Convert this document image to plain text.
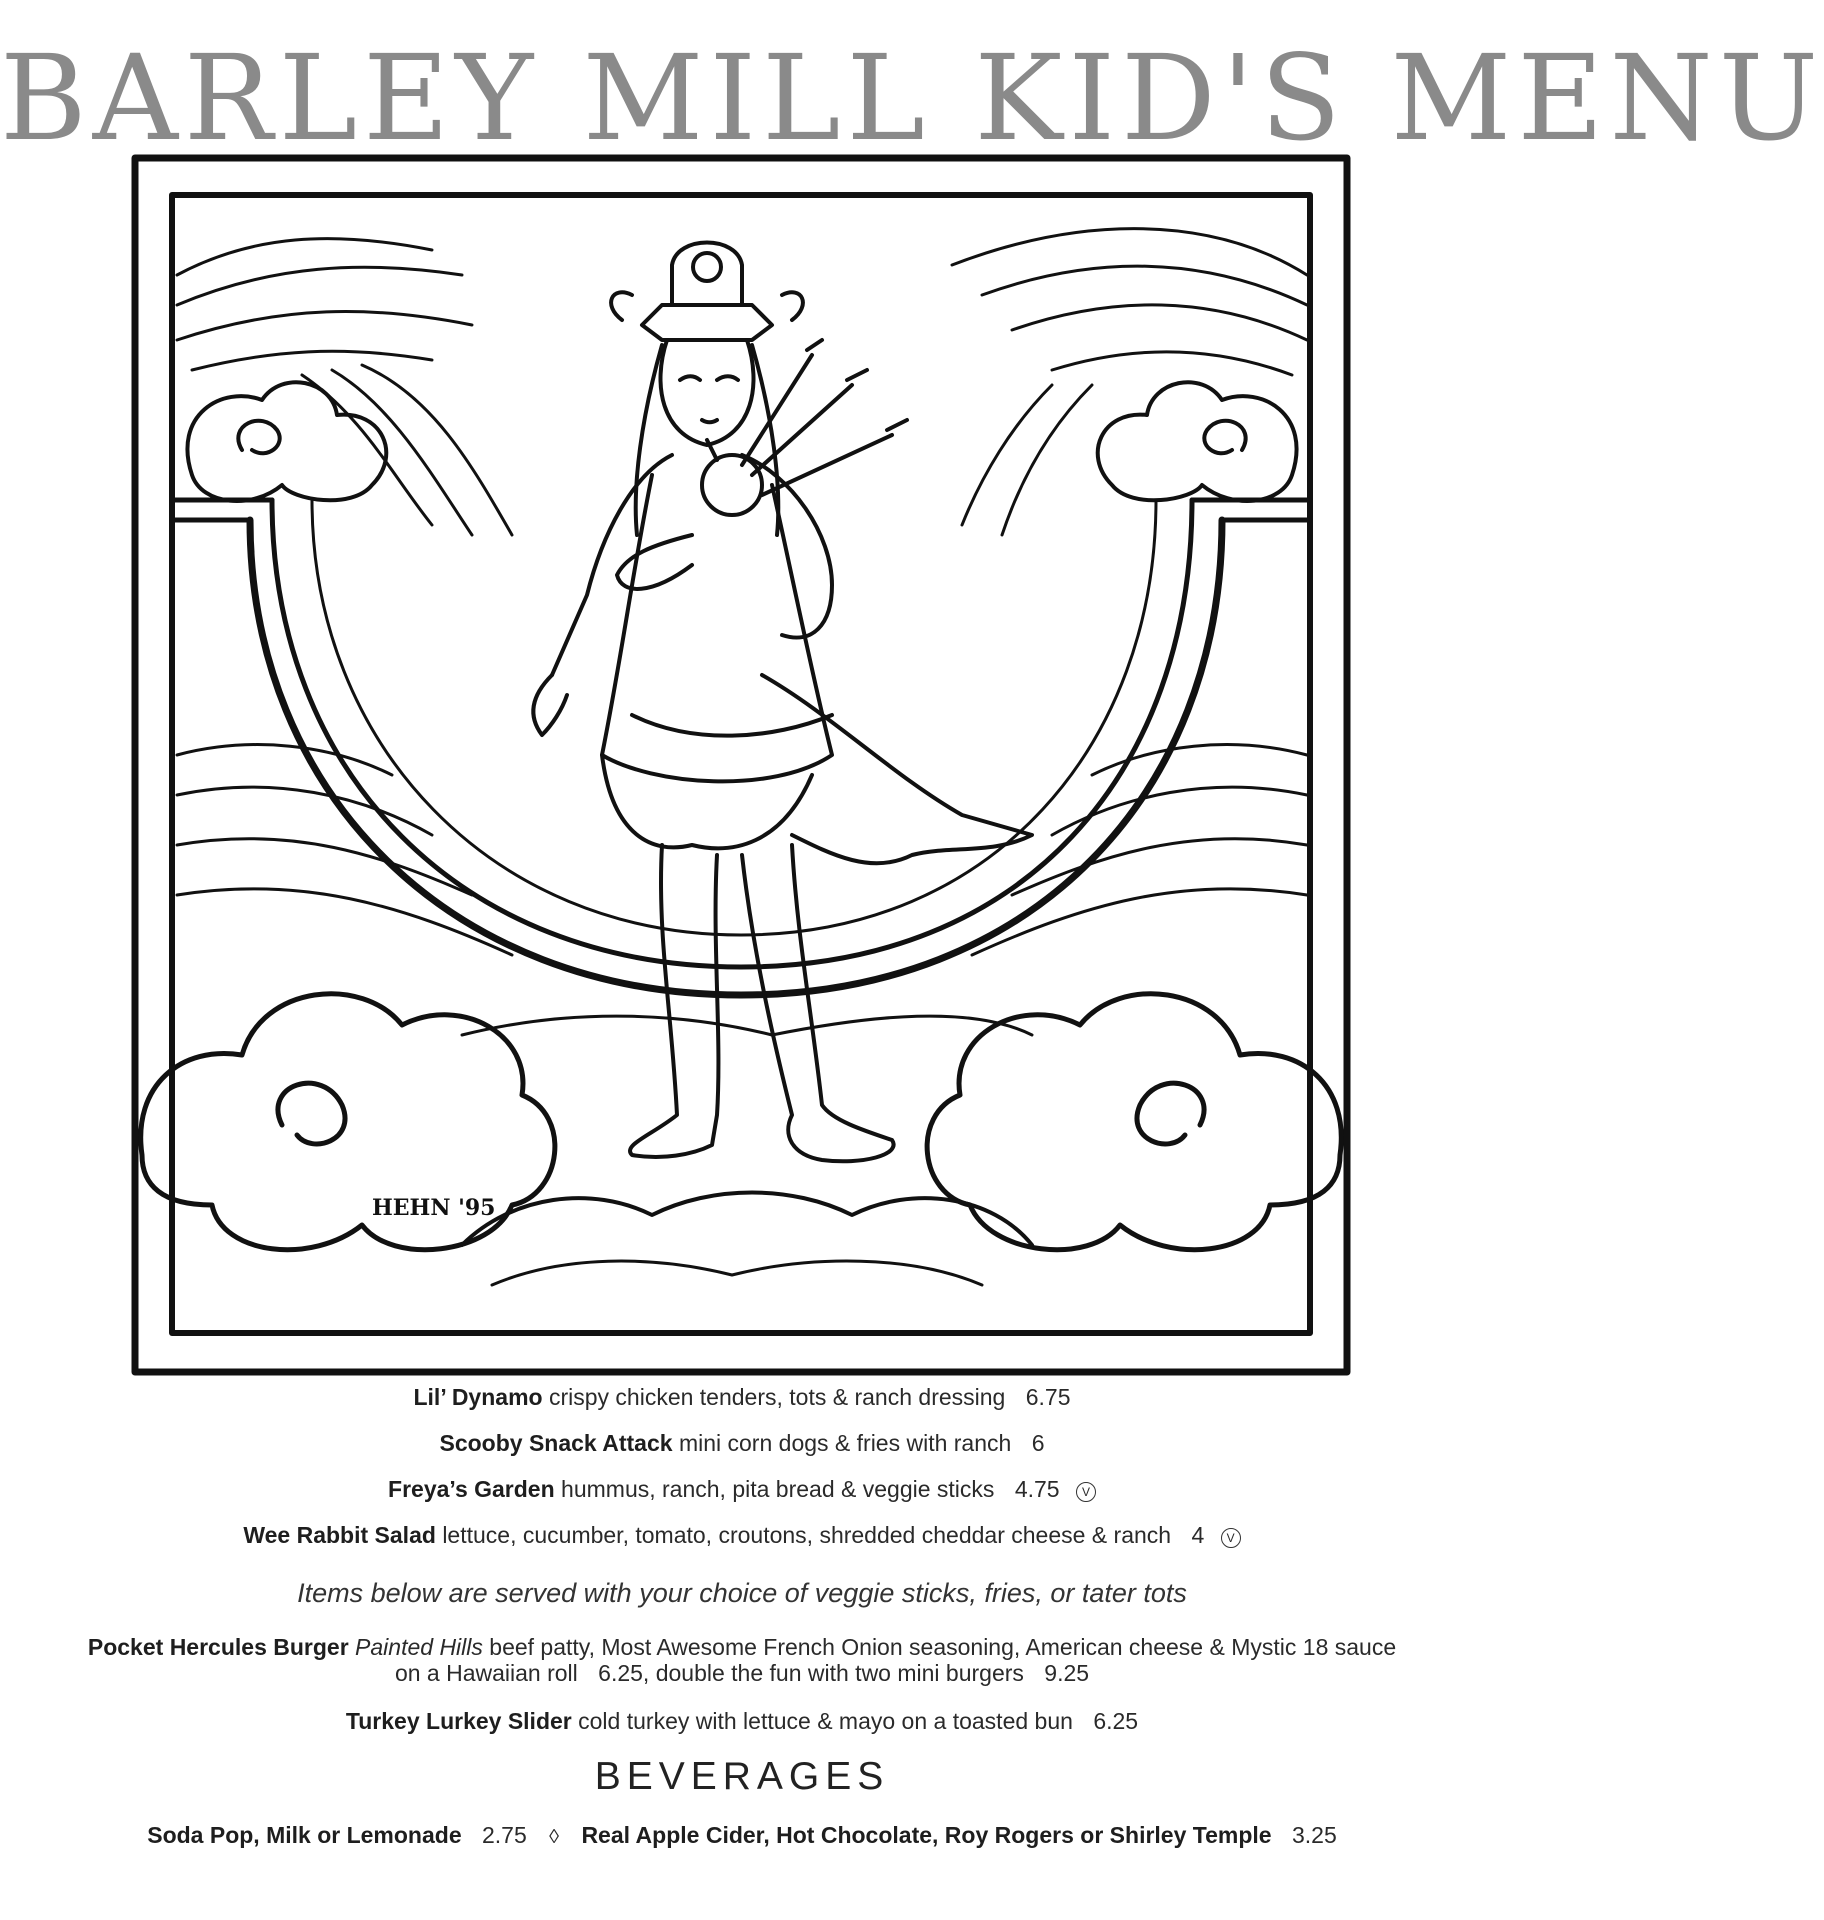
BARLEY MILL KID'S MENU
HEHN '95
Lil’ Dynamo crispy chicken tenders, tots & ranch dressing 6.75
Scooby Snack Attack mini corn dogs & fries with ranch 6
Freya’s Garden hummus, ranch, pita bread & veggie sticks 4.75 V
Wee Rabbit Salad lettuce, cucumber, tomato, croutons, shredded cheddar cheese & ranch 4 V
Items below are served with your choice of veggie sticks, fries, or tater tots
Pocket Hercules Burger Painted Hills beef patty, Most Awesome French Onion seasoning, American cheese & Mystic 18 sauce
on a Hawaiian roll 6.25, double the fun with two mini burgers 9.25
Turkey Lurkey Slider cold turkey with lettuce & mayo on a toasted bun 6.25
BEVERAGES
Soda Pop, Milk or Lemonade 2.75 ◊ Real Apple Cider, Hot Chocolate, Roy Rogers or Shirley Temple 3.25
